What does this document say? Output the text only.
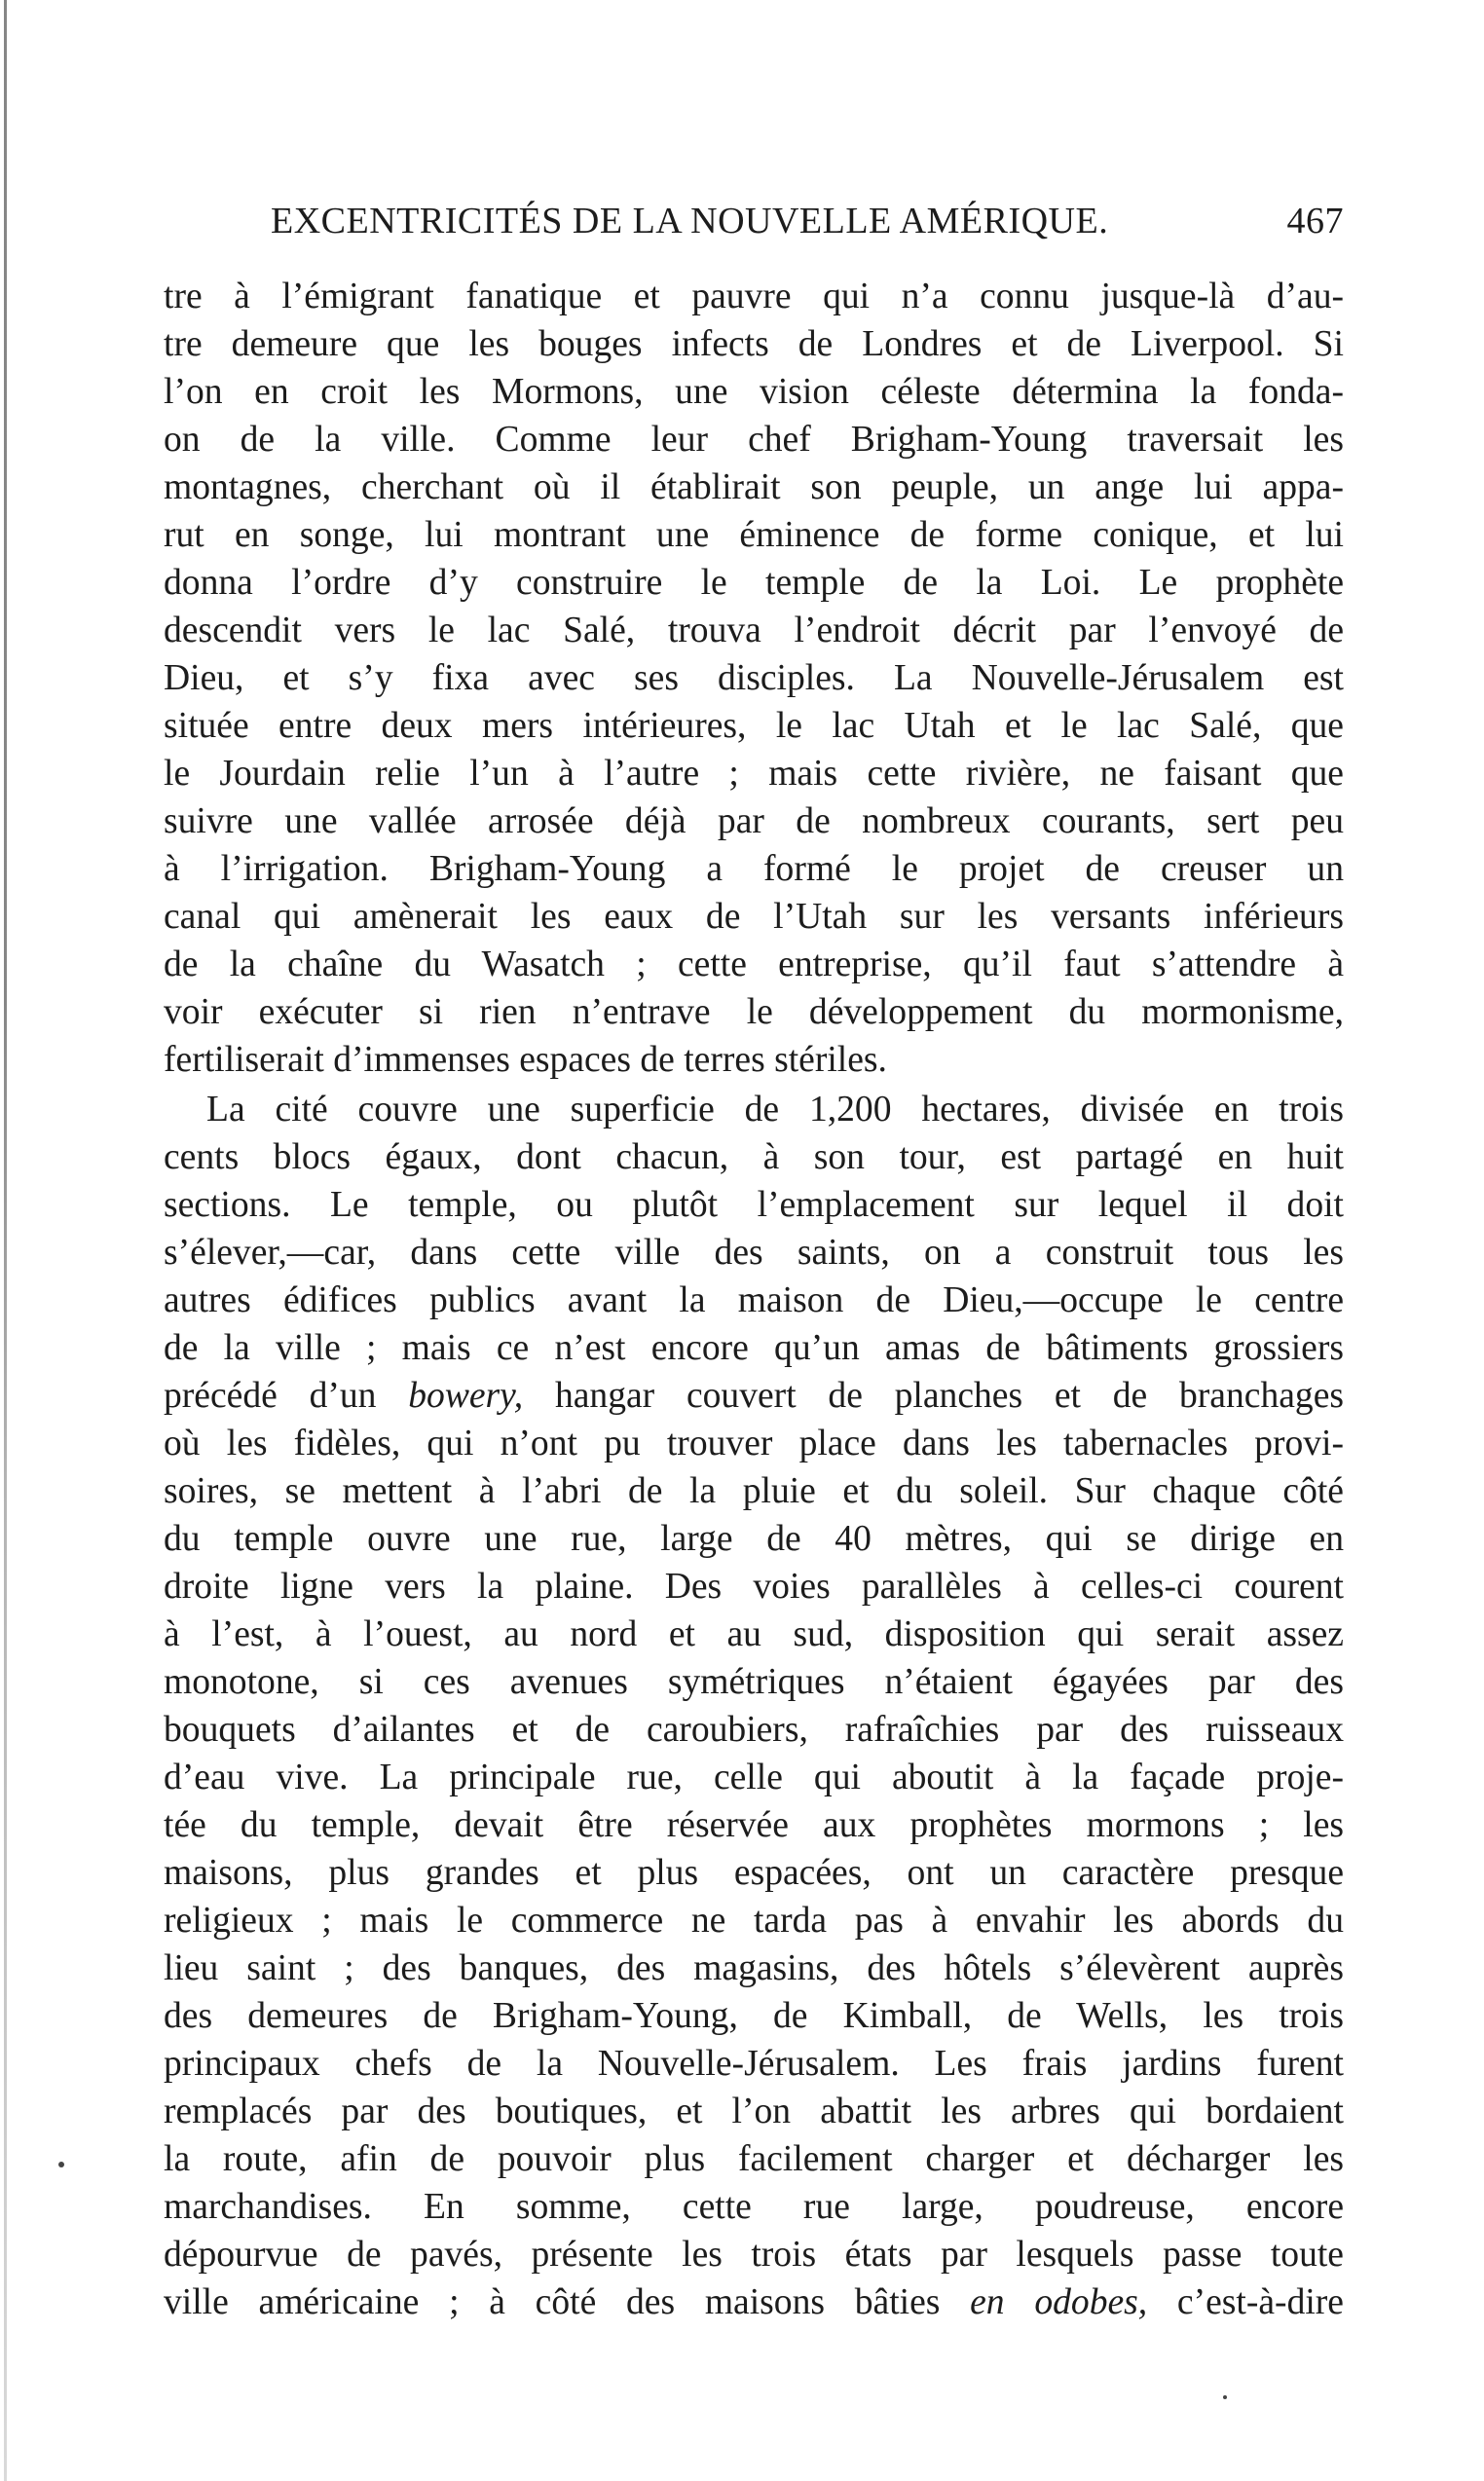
EXCENTRICITÉS DE LA NOUVELLE AMÉRIQUE.	467
tre à l’émigrant fanatique et pauvre qui n’a connu jusque-là d’au-
tre demeure que les bouges infects de Londres et de Liverpool. Si
l’on en croit les Mormons, une vision céleste détermina la fonda-
on de la ville. Comme leur chef Brigham-Young traversait les
montagnes, cherchant où il établirait son peuple, un ange lui appa-
rut en songe, lui montrant une éminence de forme conique, et lui
donna l’ordre d’y construire le temple de la Loi. Le prophète
descendit vers le lac Salé, trouva l’endroit décrit par l’envoyé de
Dieu, et s’y fixa avec ses disciples. La Nouvelle-Jérusalem est
située entre deux mers intérieures, le lac Utah et le lac Salé, que
le Jourdain relie l’un à l’autre ; mais cette rivière, ne faisant que
suivre une vallée arrosée déjà par de nombreux courants, sert peu
à l’irrigation. Brigham-Young a formé le projet de creuser un
canal qui amènerait les eaux de l’Utah sur les versants inférieurs
de la chaîne du Wasatch ; cette entreprise, qu’il faut s’attendre à
voir exécuter si rien n’entrave le développement du mormonisme,
fertiliserait d’immenses espaces de terres stériles.
La cité couvre une superficie de 1,200 hectares, divisée en trois
cents blocs égaux, dont chacun, à son tour, est partagé en huit
sections. Le temple, ou plutôt l’emplacement sur lequel il doit
s’élever,—car, dans cette ville des saints, on a construit tous les
autres édifices publics avant la maison de Dieu,—occupe le centre
de la ville ; mais ce n’est encore qu’un amas de bâtiments grossiers
précédé d’un bowery, hangar couvert de planches et de branchages
où les fidèles, qui n’ont pu trouver place dans les tabernacles provi-
soires, se mettent à l’abri de la pluie et du soleil. Sur chaque côté
du temple ouvre une rue, large de 40 mètres, qui se dirige en
droite ligne vers la plaine. Des voies parallèles à celles-ci courent
à l’est, à l’ouest, au nord et au sud, disposition qui serait assez
monotone, si ces avenues symétriques n’étaient égayées par des
bouquets d’ailantes et de caroubiers, rafraîchies par des ruisseaux
d’eau vive. La principale rue, celle qui aboutit à la façade proje-
tée du temple, devait être réservée aux prophètes mormons ; les
maisons, plus grandes et plus espacées, ont un caractère presque
religieux ; mais le commerce ne tarda pas à envahir les abords du
lieu saint ; des banques, des magasins, des hôtels s’élevèrent auprès
des demeures de Brigham-Young, de Kimball, de Wells, les trois
principaux chefs de la Nouvelle-Jérusalem. Les frais jardins furent
remplacés par des boutiques, et l’on abattit les arbres qui bordaient
la route, afin de pouvoir plus facilement charger et décharger les
marchandises. En somme, cette rue large, poudreuse, encore
dépourvue de pavés, présente les trois états par lesquels passe toute
ville américaine ; à côté des maisons bâties en odobes, c’est-à-dire
